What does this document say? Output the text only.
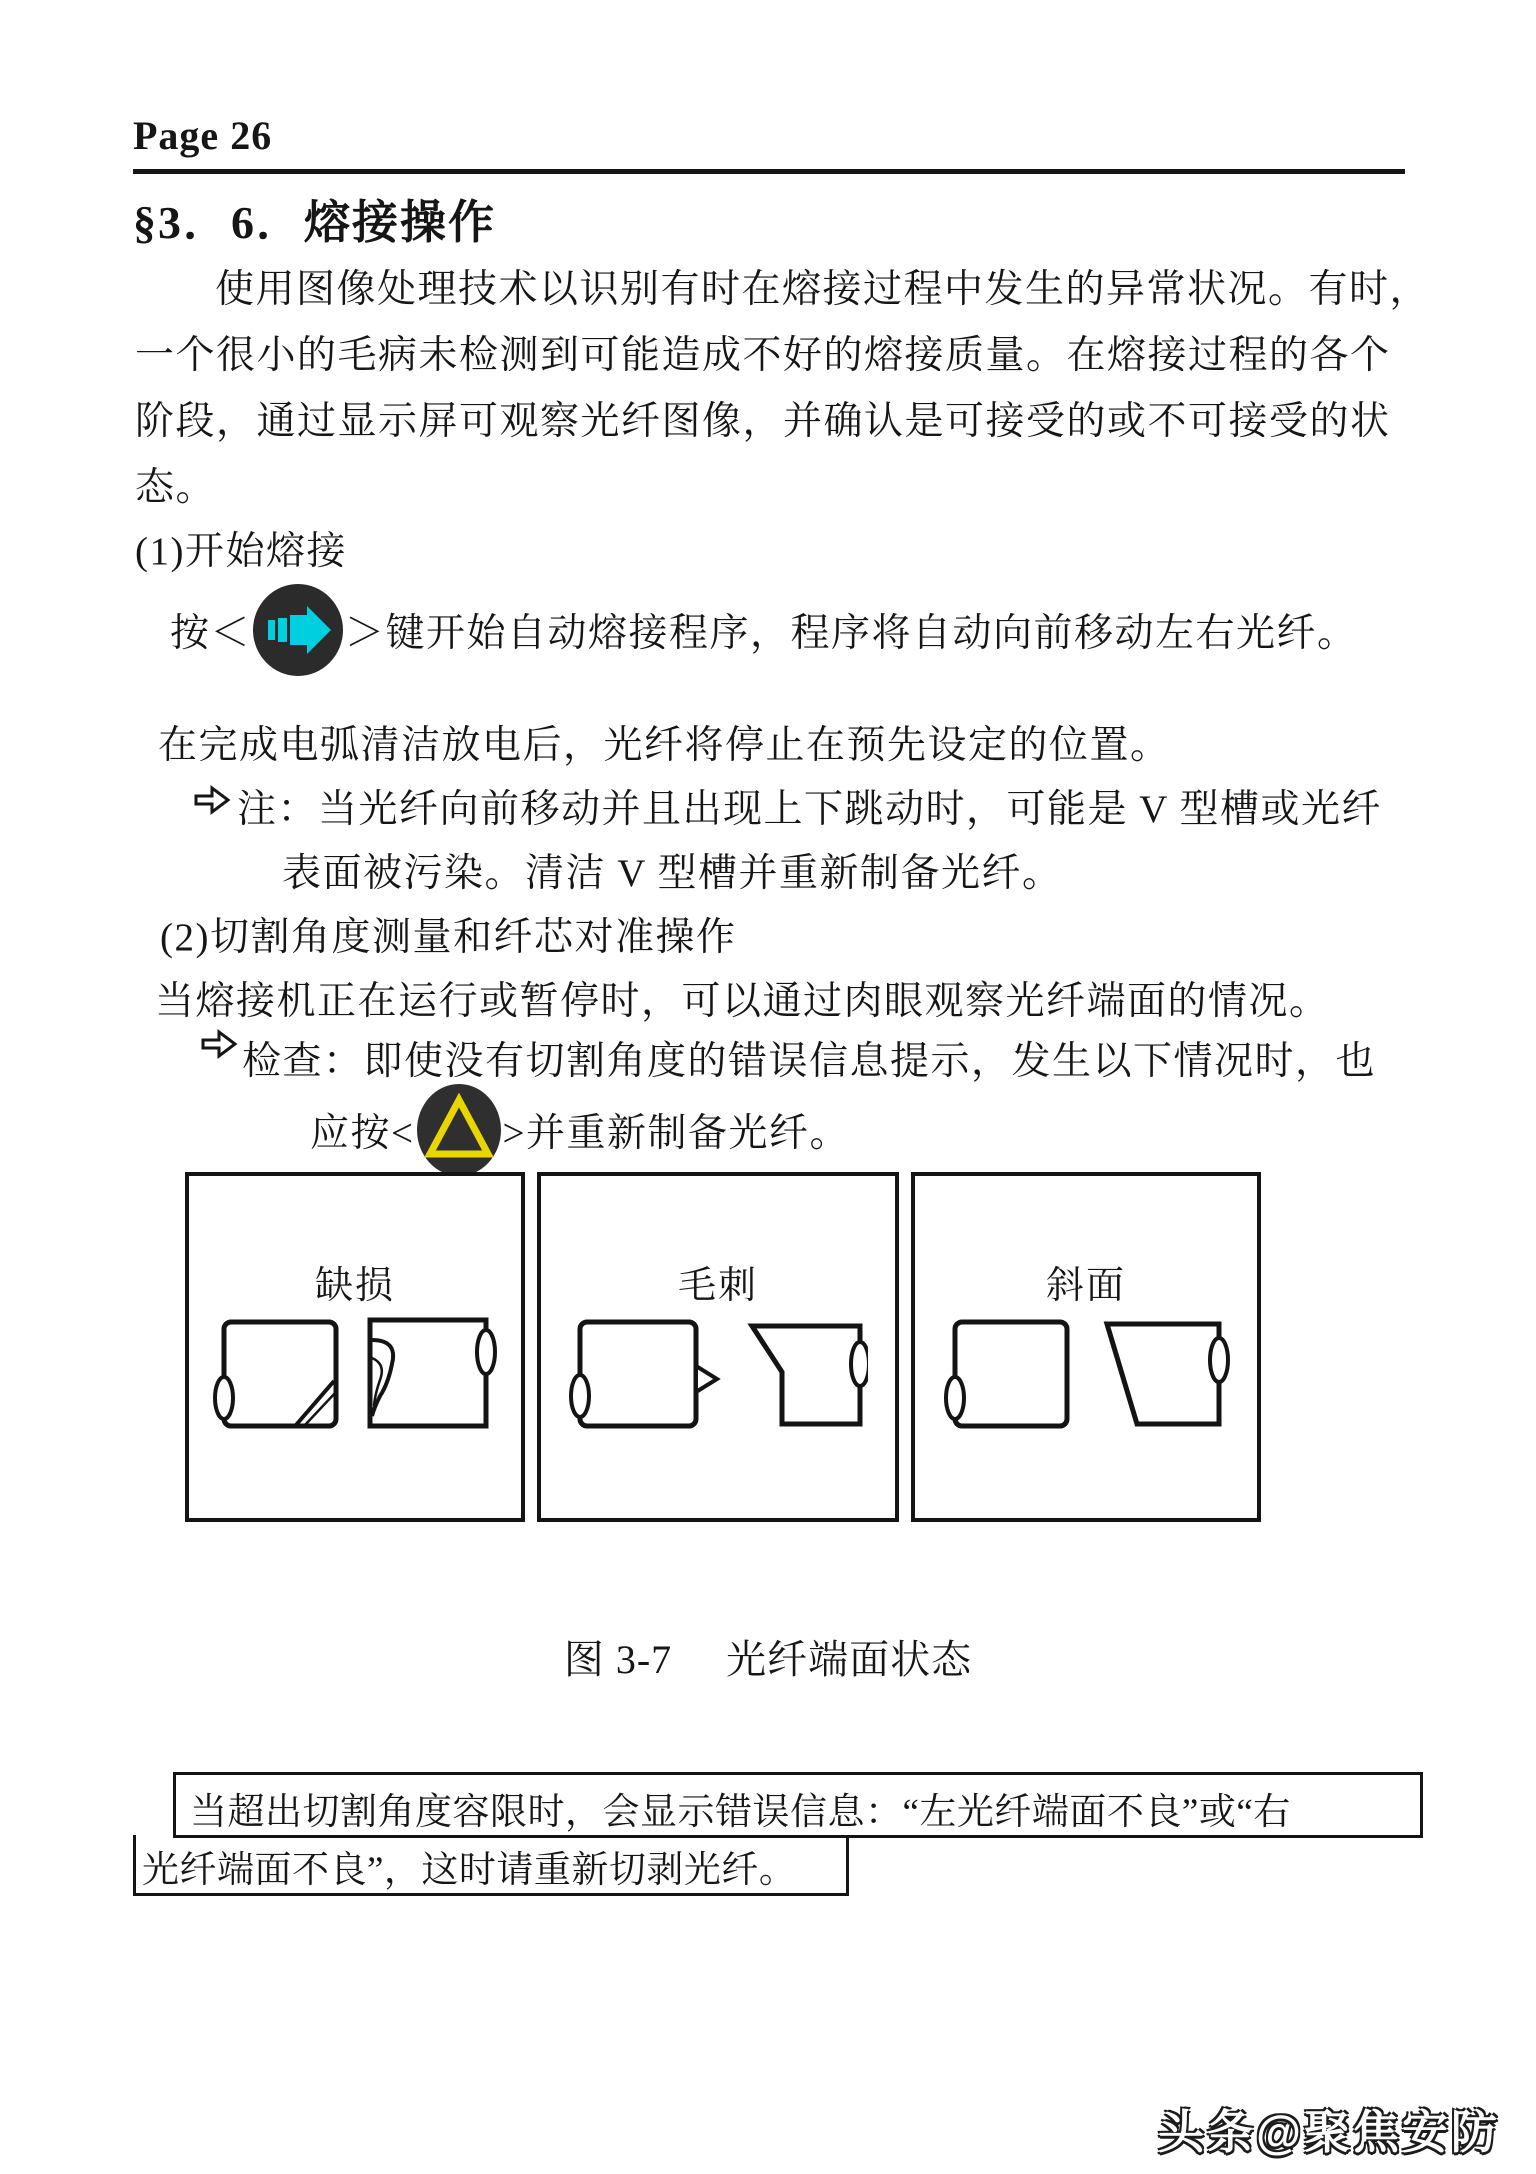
Page 26
§3．6．熔接操作
使用图像处理技术以识别有时在熔接过程中发生的异常状况。有时，
一个很小的毛病未检测到可能造成不好的熔接质量。在熔接过程的各个
阶段，通过显示屏可观察光纤图像，并确认是可接受的或不可接受的状
态。
(1)开始熔接
按＜ ＞键开始自动熔接程序，程序将自动向前移动左右光纤。
在完成电弧清洁放电后，光纤将停止在预先设定的位置。
注：当光纤向前移动并且出现上下跳动时，可能是 V 型槽或光纤
表面被污染。清洁 V 型槽并重新制备光纤。
(2)切割角度测量和纤芯对准操作
当熔接机正在运行或暂停时，可以通过肉眼观察光纤端面的情况。
检查：即使没有切割角度的错误信息提示，发生以下情况时，也
应按< >并重新制备光纤。
缺损	毛刺	斜面
图 3-7 光纤端面状态
当超出切割角度容限时，会显示错误信息：“左光纤端面不良”或“右
光纤端面不良”，这时请重新切剥光纤。
头条@聚焦安防
